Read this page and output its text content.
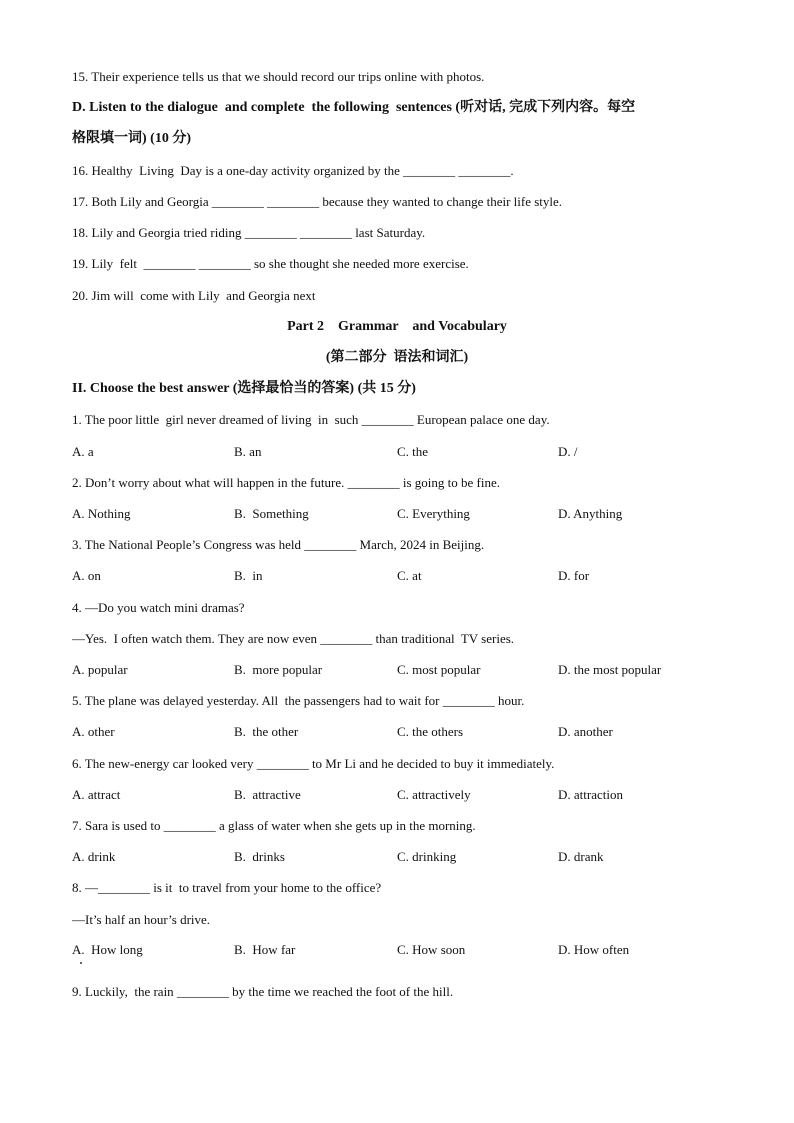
15. Their experience tells us that we should record our trips online with photos.
D. Listen to the dialogue  and complete  the following  sentences (听对话, 完成下列内容。每空
格限填一词) (10 分)
16. Healthy  Living  Day is a one-day activity organized by the ________ ________.
17. Both Lily and Georgia ________ ________ because they wanted to change their life style.
18. Lily and Georgia tried riding ________ ________ last Saturday.
19. Lily  felt  ________ ________ so she thought she needed more exercise.
20. Jim will  come with Lily  and Georgia next
Part 2    Grammar    and Vocabulary
(第二部分  语法和词汇)
II. Choose the best answer (选择最恰当的答案) (共 15 分)
1. The poor little  girl never dreamed of living  in  such ________ European palace one day.
A. a	B. an	C. the	D. /
2. Don’t worry about what will happen in the future. ________ is going to be fine.
A. Nothing	B.  Something	C. Everything	D. Anything
3. The National People’s Congress was held ________ March, 2024 in Beijing.
A. on	B.  in	C. at	D. for
4. —Do you watch mini dramas?
—Yes.  I often watch them. They are now even ________ than traditional  TV series.
A. popular	B.  more popular	C. most popular	D. the most popular
5. The plane was delayed yesterday. All  the passengers had to wait for ________ hour.
A. other	B.  the other	C. the others	D. another
6. The new-energy car looked very ________ to Mr Li and he decided to buy it immediately.
A. attract	B.  attractive	C. attractively	D. attraction
7. Sara is used to ________ a glass of water when she gets up in the morning.
A. drink	B.  drinks	C. drinking	D. drank
8. —________ is it  to travel from your home to the office?
—It’s half an hour’s drive.
A.  How long	B.  How far	C. How soon	D. How often
9. Luckily,  the rain ________ by the time we reached the foot of the hill.
